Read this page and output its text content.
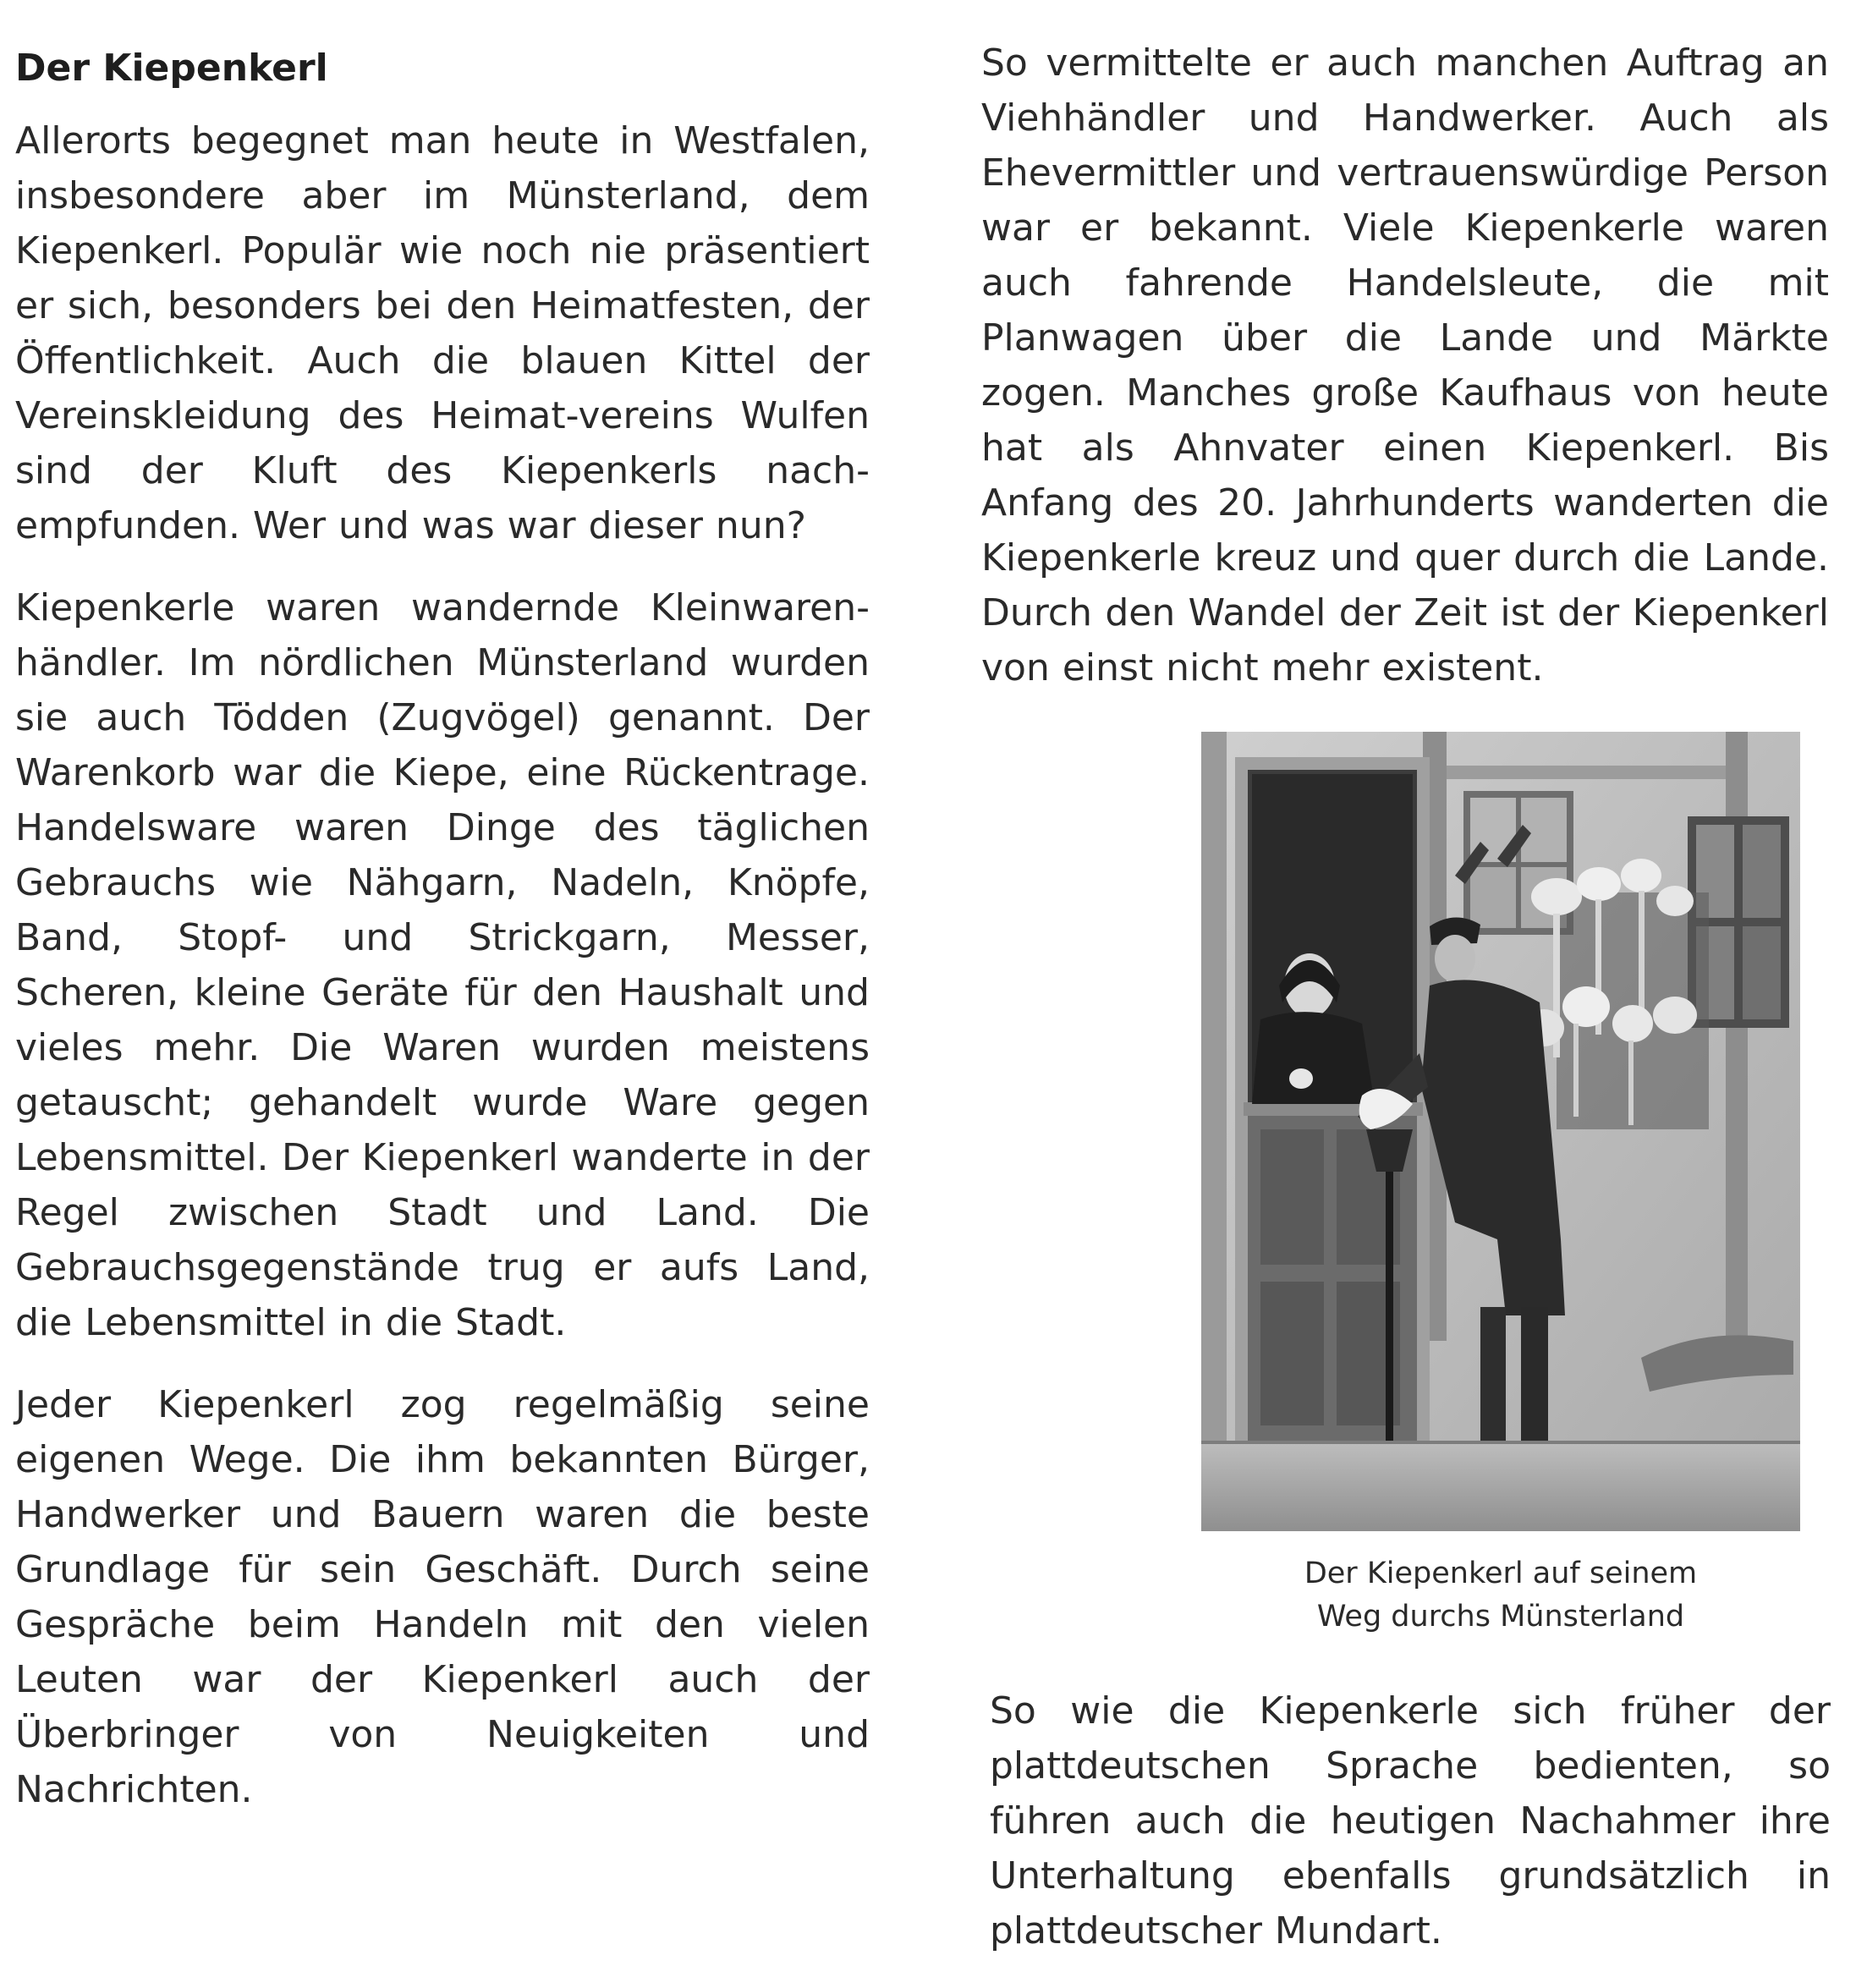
Der Kiepenkerl

Allerorts begegnet man heute in Westfalen, insbesondere aber im Münsterland, dem Kiepenkerl. Populär wie noch nie präsentiert er sich, besonders bei den Heimatfesten, der Öffentlichkeit. Auch die blauen Kittel der Vereinskleidung des Heimat-vereins Wulfen sind der Kluft des Kiepenkerls nach-empfunden. Wer und was war dieser nun?

Kiepenkerle waren wandernde Kleinwaren-händler. Im nördlichen Münsterland wurden sie auch Tödden (Zugvögel) genannt. Der Warenkorb war die Kiepe, eine Rückentrage. Handelsware waren Dinge des täglichen Gebrauchs wie Nähgarn, Nadeln, Knöpfe, Band, Stopf- und Strickgarn, Messer, Scheren, kleine Geräte für den Haushalt und vieles mehr. Die Waren wurden meistens getauscht; gehandelt wurde Ware gegen Lebensmittel. Der Kiepenkerl wanderte in der Regel zwischen Stadt und Land. Die Gebrauchsgegenstände trug er aufs Land, die Lebensmittel in die Stadt.

Jeder Kiepenkerl zog regelmäßig seine eigenen Wege. Die ihm bekannten Bürger, Handwerker und Bauern waren die beste Grundlage für sein Geschäft. Durch seine Gespräche beim Handeln mit den vielen Leuten war der Kiepenkerl auch der Überbringer von Neuigkeiten und Nachrichten.

So vermittelte er auch manchen Auftrag an Viehhändler und Handwerker. Auch als Ehevermittler und vertrauenswürdige Person war er bekannt. Viele Kiepenkerle waren auch fahrende Handelsleute, die mit Planwagen über die Lande und Märkte zogen. Manches große Kaufhaus von heute hat als Ahnvater einen Kiepenkerl. Bis Anfang des 20. Jahrhunderts wanderten die Kiepenkerle kreuz und quer durch die Lande. Durch den Wandel der Zeit ist der Kiepenkerl von einst nicht mehr existent.

Der Kiepenkerl auf seinem
Weg durchs Münsterland

So wie die Kiepenkerle sich früher der plattdeutschen Sprache bedienten, so führen auch die heutigen Nachahmer ihre Unterhaltung ebenfalls grundsätzlich in plattdeutscher Mundart.
